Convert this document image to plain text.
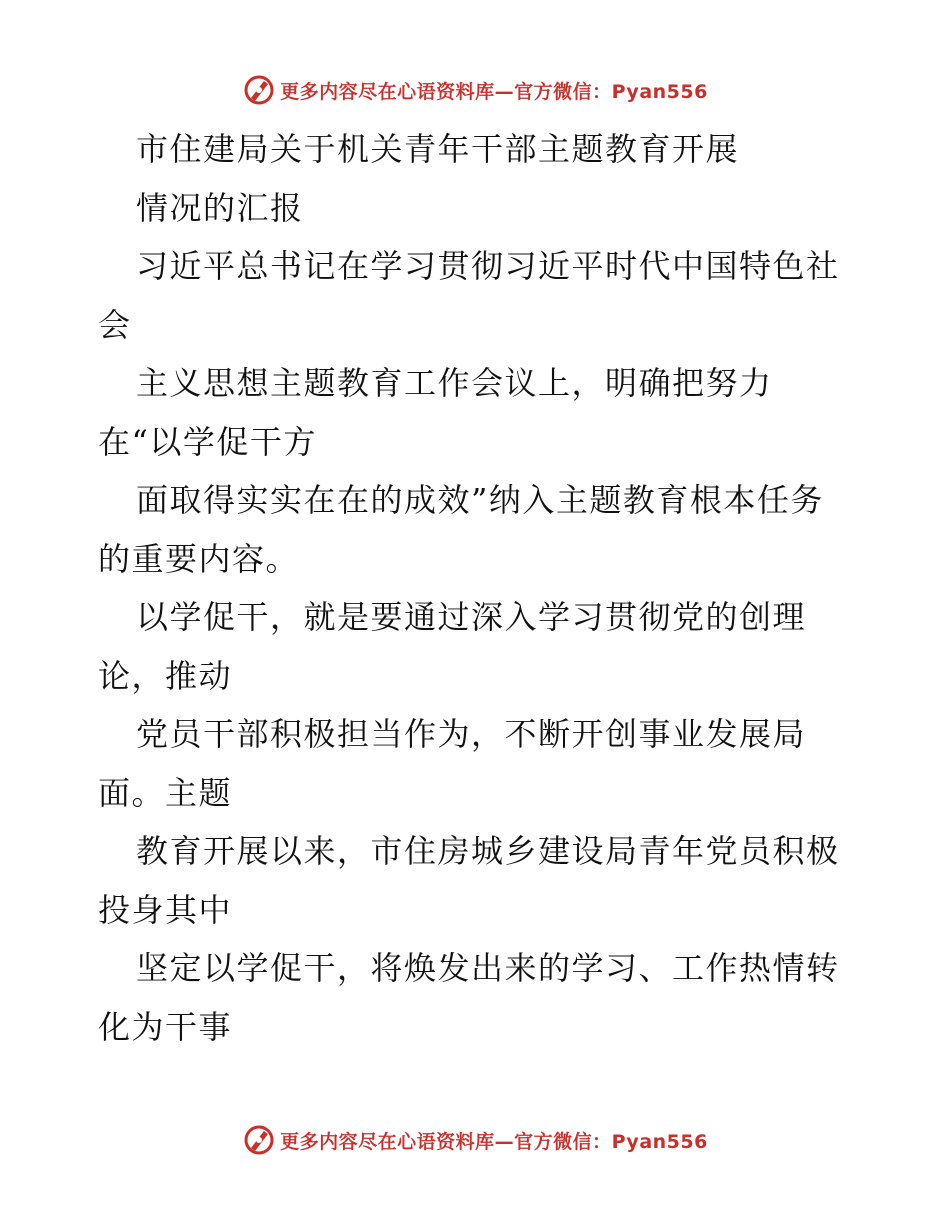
更多内容尽在心语资料库—官方微信：Pyan556
市住建局关于机关青年干部主题教育开展
情况的汇报
习近平总书记在学习贯彻习近平时代中国特色社
会
主义思想主题教育工作会议上，明确把努力
在“以学促干方
面取得实实在在的成效”纳入主题教育根本任务
的重要内容。
以学促干，就是要通过深入学习贯彻党的创理
论，推动
党员干部积极担当作为，不断开创事业发展局
面。主题
教育开展以来，市住房城乡建设局青年党员积极
投身其中
坚定以学促干，将焕发出来的学习、工作热情转
化为干事
更多内容尽在心语资料库—官方微信：Pyan556
